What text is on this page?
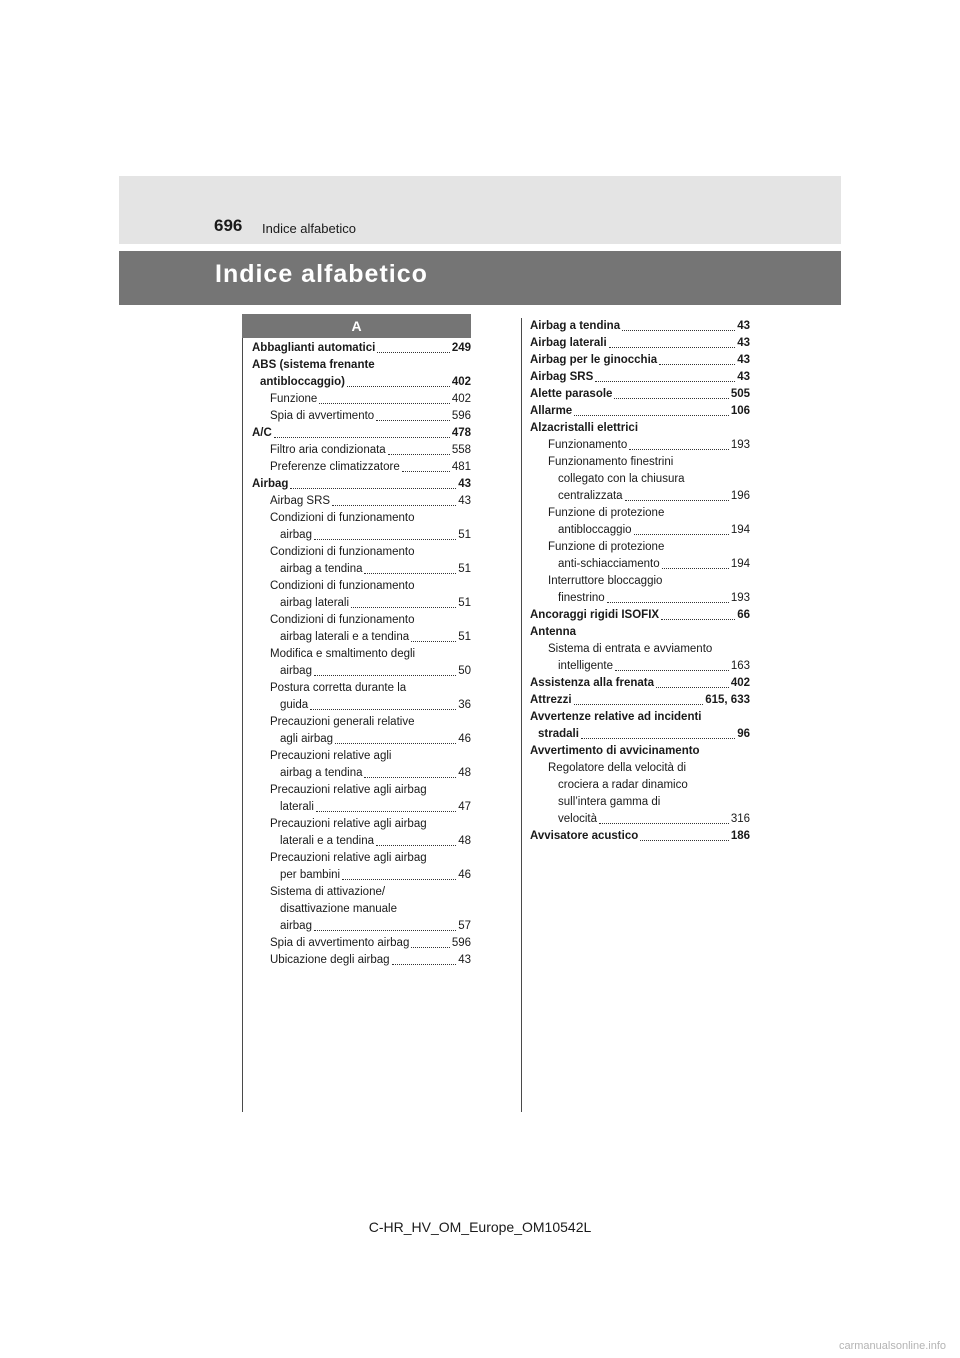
696 Indice alfabetico
Indice alfabetico
A
Abbaglianti automatici	249
ABS (sistema frenante
antibloccaggio)	402
Funzione	402
Spia di avvertimento	596
A/C	478
Filtro aria condizionata	558
Preferenze climatizzatore	481
Airbag	43
Airbag SRS	43
Condizioni di funzionamento
airbag	51
Condizioni di funzionamento
airbag a tendina	51
Condizioni di funzionamento
airbag laterali	51
Condizioni di funzionamento
airbag laterali e a tendina	51
Modifica e smaltimento degli
airbag	50
Postura corretta durante la
guida	36
Precauzioni generali relative
agli airbag	46
Precauzioni relative agli
airbag a tendina	48
Precauzioni relative agli airbag
laterali	47
Precauzioni relative agli airbag
laterali e a tendina	48
Precauzioni relative agli airbag
per bambini	46
Sistema di attivazione/
disattivazione manuale
airbag	57
Spia di avvertimento airbag	596
Ubicazione degli airbag	43
Airbag a tendina	43
Airbag laterali	43
Airbag per le ginocchia	43
Airbag SRS	43
Alette parasole	505
Allarme	106
Alzacristalli elettrici
Funzionamento	193
Funzionamento finestrini
collegato con la chiusura
centralizzata	196
Funzione di protezione
antibloccaggio	194
Funzione di protezione
anti-schiacciamento	194
Interruttore bloccaggio
finestrino	193
Ancoraggi rigidi ISOFIX	66
Antenna
Sistema di entrata e avviamento
intelligente	163
Assistenza alla frenata	402
Attrezzi	615, 633
Avvertenze relative ad incidenti
stradali	96
Avvertimento di avvicinamento
Regolatore della velocità di
crociera a radar dinamico
sull’intera gamma di
velocità	316
Avvisatore acustico	186
C-HR_HV_OM_Europe_OM10542L
carmanualsonline.info
